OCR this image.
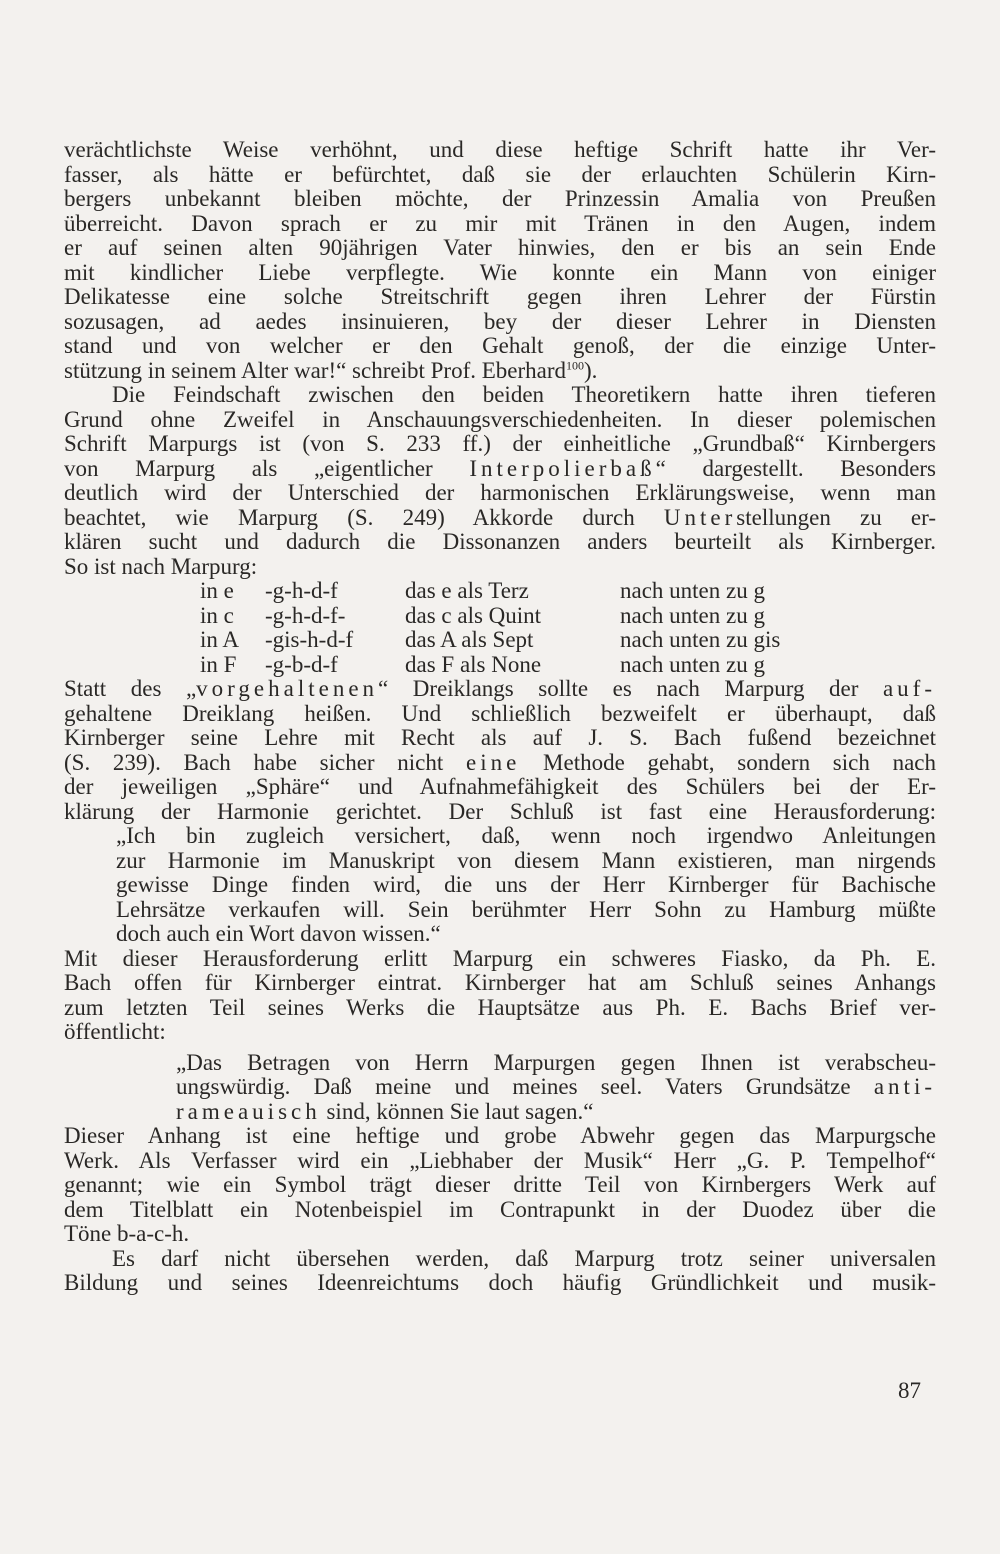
verächtlichste Weise verhöhnt, und diese heftige Schrift hatte ihr Ver-
fasser, als hätte er befürchtet, daß sie der erlauchten Schülerin Kirn-
bergers unbekannt bleiben möchte, der Prinzessin Amalia von Preußen
überreicht. Davon sprach er zu mir mit Tränen in den Augen, indem
er auf seinen alten 90jährigen Vater hinwies, den er bis an sein Ende
mit kindlicher Liebe verpflegte. Wie konnte ein Mann von einiger
Delikatesse eine solche Streitschrift gegen ihren Lehrer der Fürstin
sozusagen, ad aedes insinuieren, bey der dieser Lehrer in Diensten
stand und von welcher er den Gehalt genoß, der die einzige Unter-
stützung in seinem Alter war!“ schreibt Prof. Eberhard$^{100}$).
Die Feindschaft zwischen den beiden Theoretikern hatte ihren tieferen
Grund ohne Zweifel in Anschauungsverschiedenheiten. In dieser polemischen
Schrift Marpurgs ist (von S. 233 ff.) der einheitliche „Grundbaß“ Kirnbergers
von Marpurg als „eigentlicher Interpolierbaß“ dargestellt. Besonders
deutlich wird der Unterschied der harmonischen Erklärungsweise, wenn man
beachtet, wie Marpurg (S. 249) Akkorde durch Unterstellungen zu er-
klären sucht und dadurch die Dissonanzen anders beurteilt als Kirnberger.
So ist nach Marpurg:
in e	-g-h-d-f	das e als Terz	nach unten zu g
in c	-g-h-d-f-	das c als Quint	nach unten zu g
in A	-gis-h-d-f	das A als Sept	nach unten zu gis
in F	-g-b-d-f	das F als None	nach unten zu g
Statt des „vorgehaltenen“ Dreiklangs sollte es nach Marpurg der auf-
gehaltene Dreiklang heißen. Und schließlich bezweifelt er überhaupt, daß
Kirnberger seine Lehre mit Recht als auf J. S. Bach fußend bezeichnet
(S. 239). Bach habe sicher nicht eine Methode gehabt, sondern sich nach
der jeweiligen „Sphäre“ und Aufnahmefähigkeit des Schülers bei der Er-
klärung der Harmonie gerichtet. Der Schluß ist fast eine Herausforderung:
„Ich bin zugleich versichert, daß, wenn noch irgendwo Anleitungen
zur Harmonie im Manuskript von diesem Mann existieren, man nirgends
gewisse Dinge finden wird, die uns der Herr Kirnberger für Bachische
Lehrsätze verkaufen will. Sein berühmter Herr Sohn zu Hamburg müßte
doch auch ein Wort davon wissen.“
Mit dieser Herausforderung erlitt Marpurg ein schweres Fiasko, da Ph. E.
Bach offen für Kirnberger eintrat. Kirnberger hat am Schluß seines Anhangs
zum letzten Teil seines Werks die Hauptsätze aus Ph. E. Bachs Brief ver-
öffentlicht:
„Das Betragen von Herrn Marpurgen gegen Ihnen ist verabscheu-
ungswürdig. Daß meine und meines seel. Vaters Grundsätze anti-
rameauisch sind, können Sie laut sagen.“
Dieser Anhang ist eine heftige und grobe Abwehr gegen das Marpurgsche
Werk. Als Verfasser wird ein „Liebhaber der Musik“ Herr „G. P. Tempelhof“
genannt; wie ein Symbol trägt dieser dritte Teil von Kirnbergers Werk auf
dem Titelblatt ein Notenbeispiel im Contrapunkt in der Duodez über die
Töne b-a-c-h.
Es darf nicht übersehen werden, daß Marpurg trotz seiner universalen
Bildung und seines Ideenreichtums doch häufig Gründlichkeit und musik-
87
